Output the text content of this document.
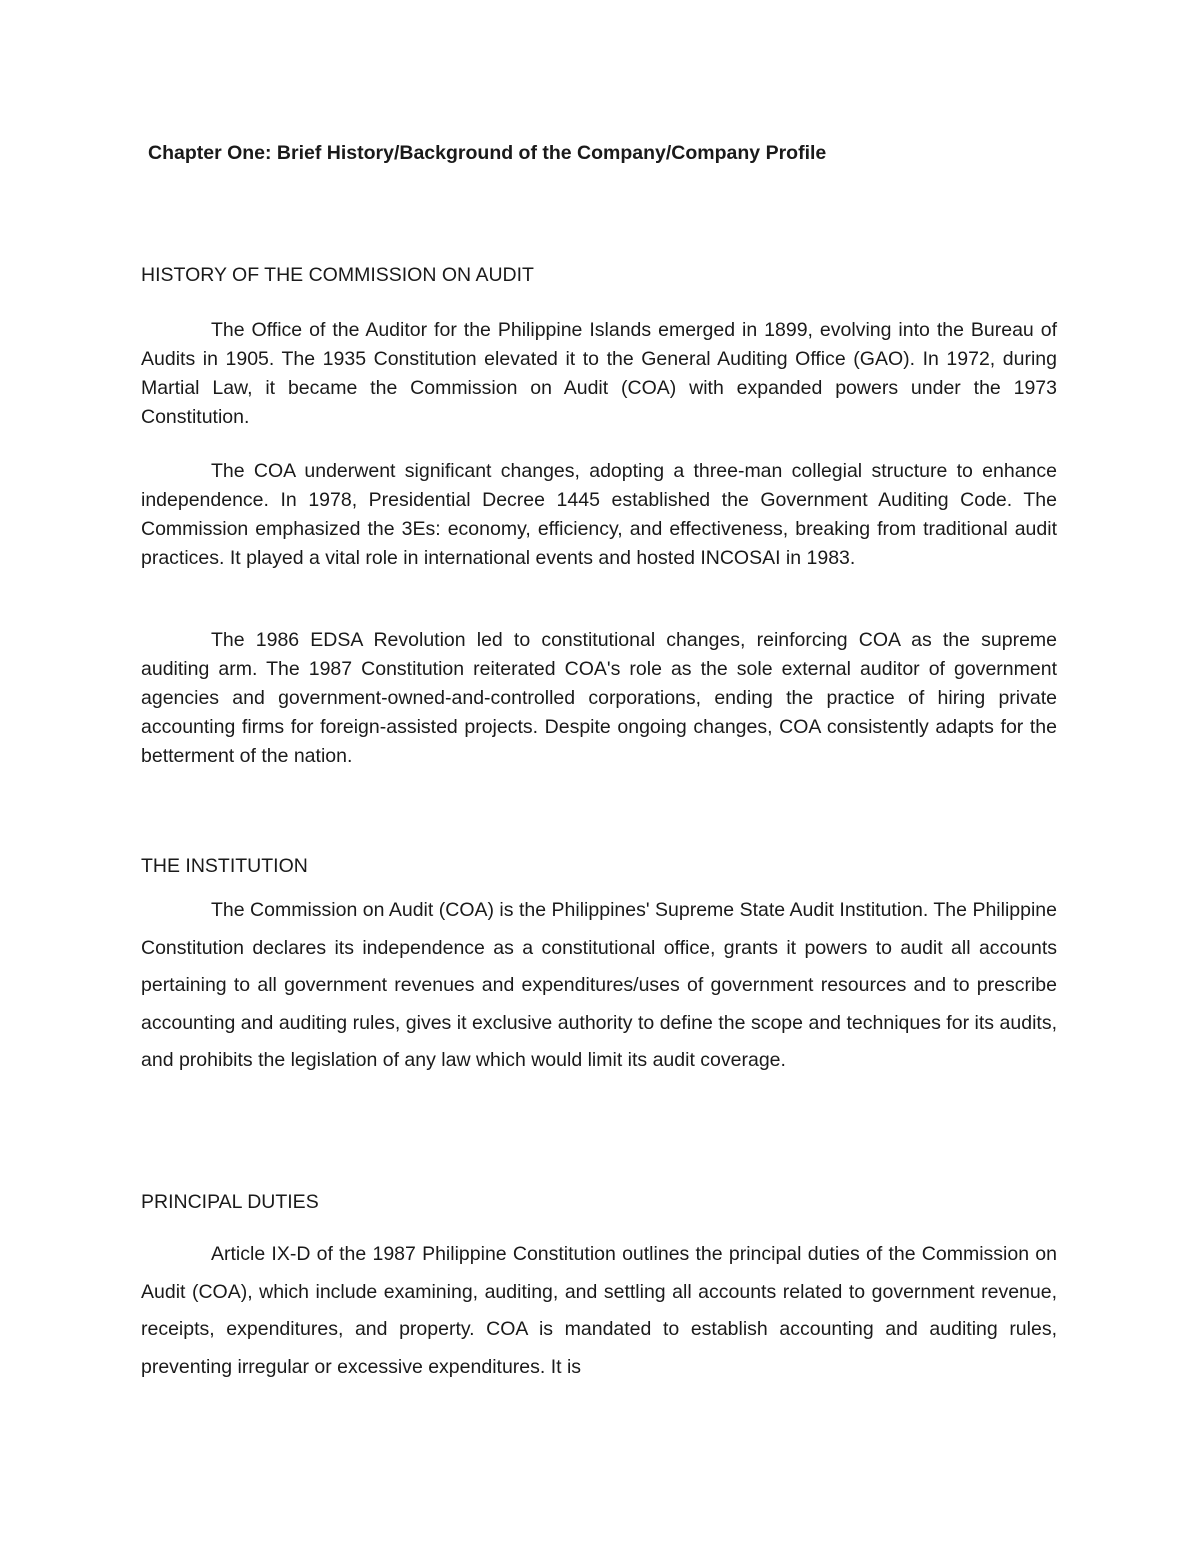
Chapter One: Brief History/Background of the Company/Company Profile
HISTORY OF THE COMMISSION ON AUDIT

The Office of the Auditor for the Philippine Islands emerged in 1899, evolving into the Bureau of Audits in 1905. The 1935 Constitution elevated it to the General Auditing Office (GAO). In 1972, during Martial Law, it became the Commission on Audit (COA) with expanded powers under the 1973 Constitution.

The COA underwent significant changes, adopting a three-man collegial structure to enhance independence. In 1978, Presidential Decree 1445 established the Government Auditing Code. The Commission emphasized the 3Es: economy, efficiency, and effectiveness, breaking from traditional audit practices. It played a vital role in international events and hosted INCOSAI in 1983.

The 1986 EDSA Revolution led to constitutional changes, reinforcing COA as the supreme auditing arm. The 1987 Constitution reiterated COA's role as the sole external auditor of government agencies and government-owned-and-controlled corporations, ending the practice of hiring private accounting firms for foreign-assisted projects. Despite ongoing changes, COA consistently adapts for the betterment of the nation.

THE INSTITUTION

The Commission on Audit (COA) is the Philippines' Supreme State Audit Institution. The Philippine Constitution declares its independence as a constitutional office, grants it powers to audit all accounts pertaining to all government revenues and expenditures/uses of government resources and to prescribe accounting and auditing rules, gives it exclusive authority to define the scope and techniques for its audits, and prohibits the legislation of any law which would limit its audit coverage.

PRINCIPAL DUTIES

Article IX-D of the 1987 Philippine Constitution outlines the principal duties of the Commission on Audit (COA), which include examining, auditing, and settling all accounts related to government revenue, receipts, expenditures, and property. COA is mandated to establish accounting and auditing rules, preventing irregular or excessive expenditures. It is
